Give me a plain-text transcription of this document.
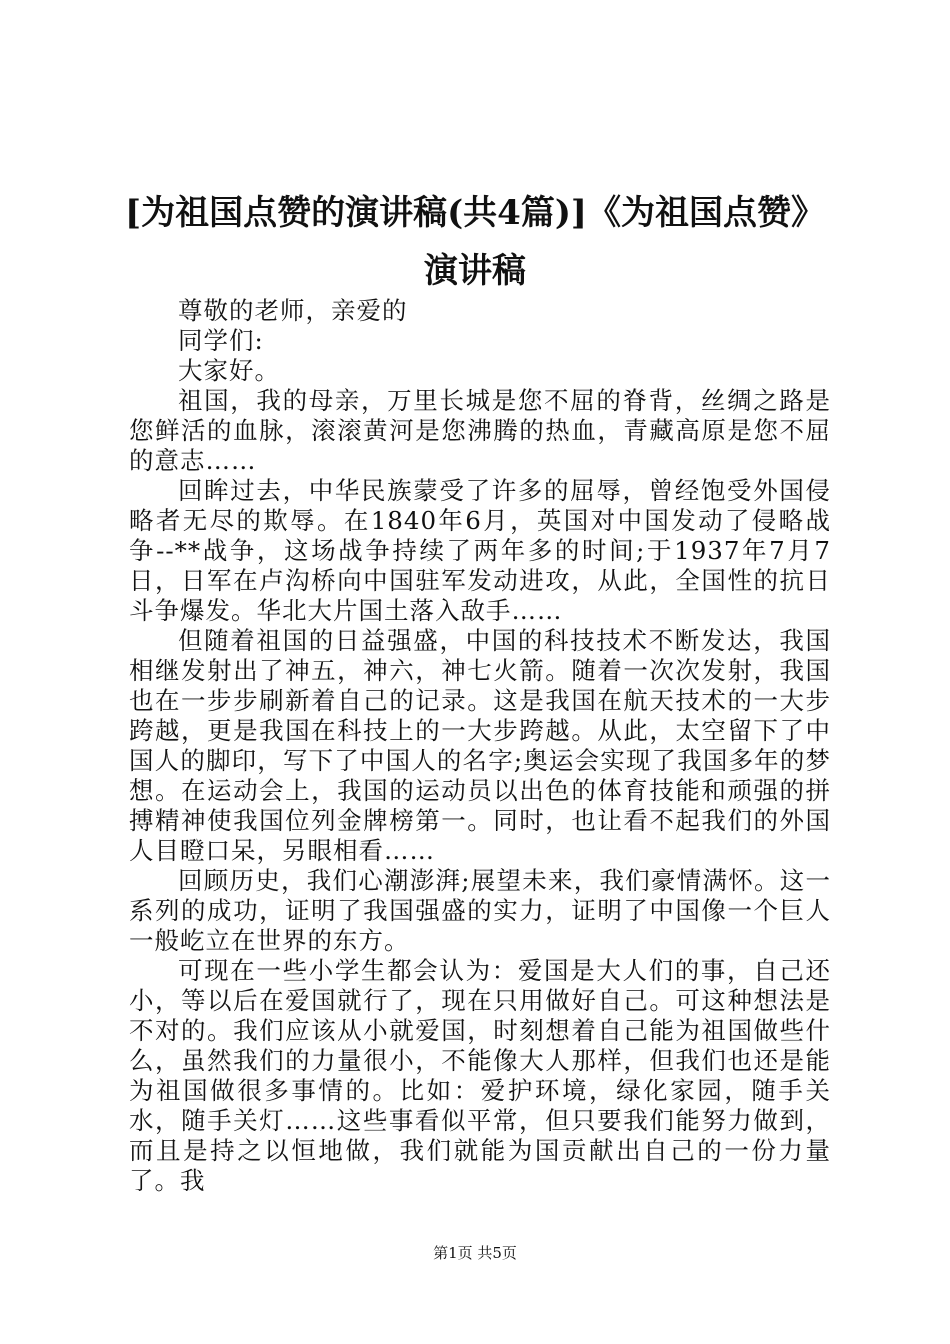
[为祖国点赞的演讲稿(共4篇)]《为祖国点赞》演讲稿

尊敬的老师，亲爱的

同学们:

大家好。

祖国，我的母亲，万里长城是您不屈的脊背，丝绸之路是您鲜活的血脉，滚滚黄河是您沸腾的热血，青藏高原是您不屈的意志……

回眸过去，中华民族蒙受了许多的屈辱，曾经饱受外国侵略者无尽的欺辱。在1840年6月，英国对中国发动了侵略战争--**战争，这场战争持续了两年多的时间;于1937年7月7日，日军在卢沟桥向中国驻军发动进攻，从此，全国性的抗日斗争爆发。华北大片国土落入敌手……

但随着祖国的日益强盛，中国的科技技术不断发达，我国相继发射出了神五，神六，神七火箭。随着一次次发射，我国也在一步步刷新着自己的记录。这是我国在航天技术的一大步跨越，更是我国在科技上的一大步跨越。从此，太空留下了中国人的脚印，写下了中国人的名字;奥运会实现了我国多年的梦想。在运动会上，我国的运动员以出色的体育技能和顽强的拼搏精神使我国位列金牌榜第一。同时，也让看不起我们的外国人目瞪口呆，另眼相看……

回顾历史，我们心潮澎湃;展望未来，我们豪情满怀。这一系列的成功，证明了我国强盛的实力，证明了中国像一个巨人一般屹立在世界的东方。

可现在一些小学生都会认为：爱国是大人们的事，自己还小，等以后在爱国就行了，现在只用做好自己。可这种想法是不对的。我们应该从小就爱国，时刻想着自己能为祖国做些什么，虽然我们的力量很小，不能像大人那样，但我们也还是能为祖国做很多事情的。比如：爱护环境，绿化家园，随手关水，随手关灯……这些事看似平常，但只要我们能努力做到，而且是持之以恒地做，我们就能为国贡献出自己的一份力量了。我

第1页 共5页
